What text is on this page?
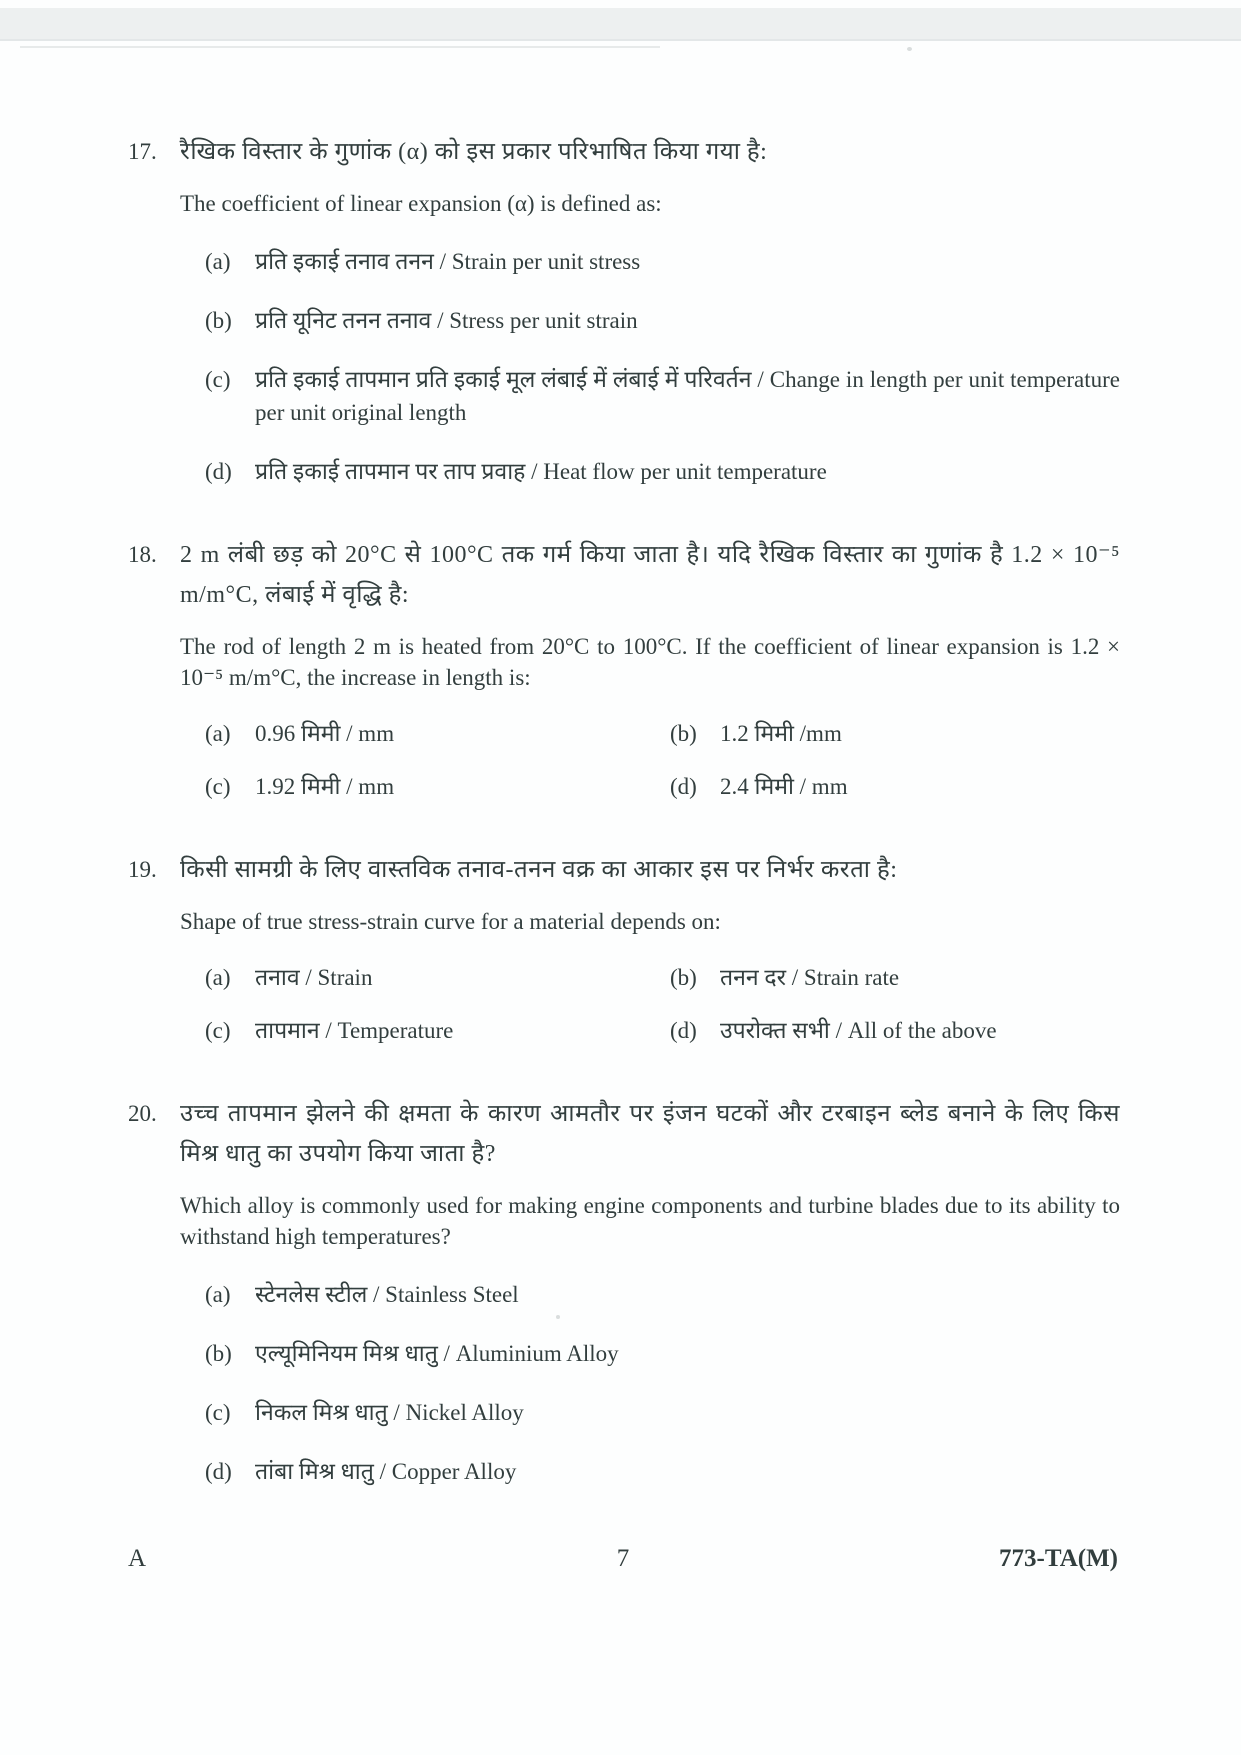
17. रैखिक विस्तार के गुणांक (α) को इस प्रकार परिभाषित किया गया है:
The coefficient of linear expansion (α) is defined as:
(a)	प्रति इकाई तनाव तनन / Strain per unit stress
(b)	प्रति यूनिट तनन तनाव / Stress per unit strain
(c)	प्रति इकाई तापमान प्रति इकाई मूल लंबाई में लंबाई में परिवर्तन / Change in length per unit temperature per unit original length
(d)	प्रति इकाई तापमान पर ताप प्रवाह / Heat flow per unit temperature
18. 2 m लंबी छड़ को 20°C से 100°C तक गर्म किया जाता है। यदि रैखिक विस्तार का गुणांक है 1.2 × 10⁻⁵ m/m°C, लंबाई में वृद्धि है:
The rod of length 2 m is heated from 20°C to 100°C. If the coefficient of linear expansion is 1.2 × 10⁻⁵ m/m°C, the increase in length is:
(a)	0.96 मिमी / mm	(b)	1.2 मिमी /mm
(c)	1.92 मिमी / mm	(d)	2.4 मिमी / mm
19. किसी सामग्री के लिए वास्तविक तनाव-तनन वक्र का आकार इस पर निर्भर करता है:
Shape of true stress-strain curve for a material depends on:
(a)	तनाव / Strain	(b)	तनन दर / Strain rate
(c)	तापमान / Temperature	(d)	उपरोक्त सभी / All of the above
20. उच्च तापमान झेलने की क्षमता के कारण आमतौर पर इंजन घटकों और टरबाइन ब्लेड बनाने के लिए किस मिश्र धातु का उपयोग किया जाता है?
Which alloy is commonly used for making engine components and turbine blades due to its ability to withstand high temperatures?
(a)	स्टेनलेस स्टील / Stainless Steel
(b)	एल्यूमिनियम मिश्र धातु / Aluminium Alloy
(c)	निकल मिश्र धातु / Nickel Alloy
(d)	तांबा मिश्र धातु / Copper Alloy
A	7	773-TA(M)
